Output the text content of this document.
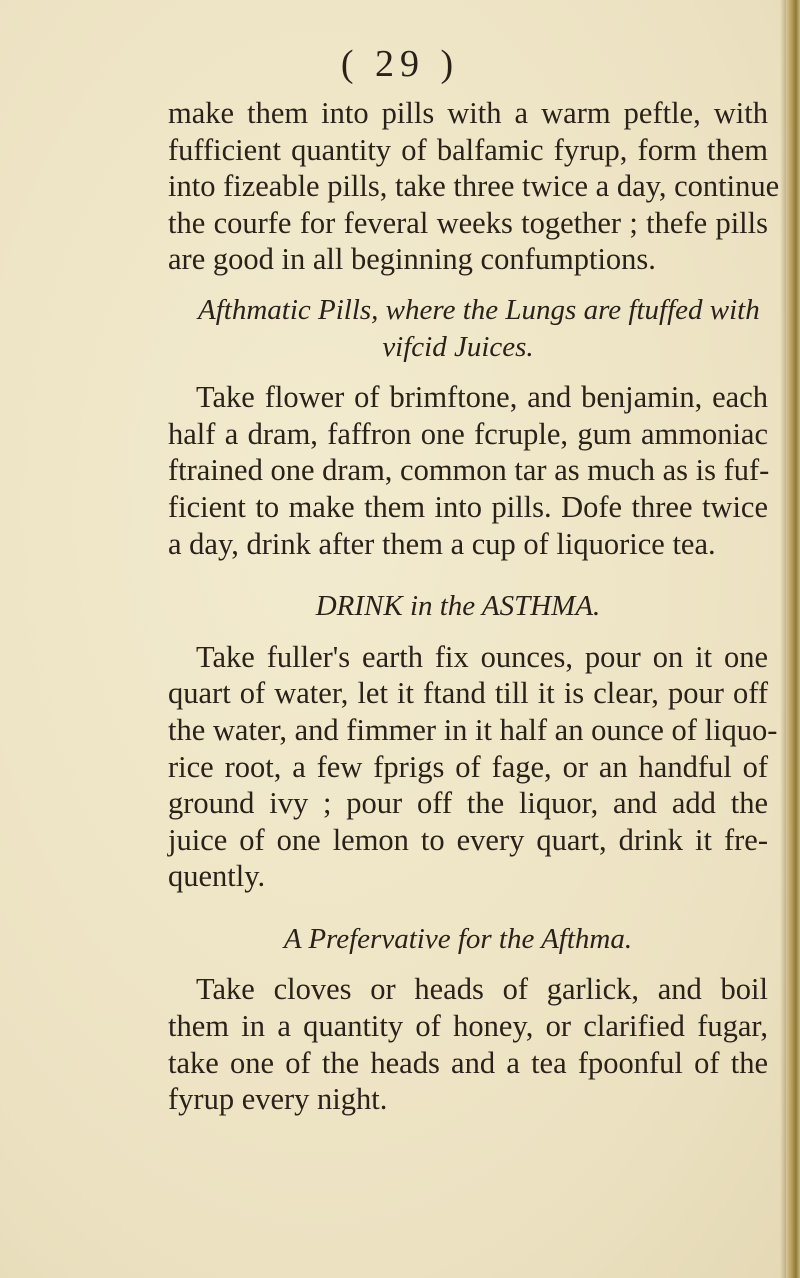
( 29 )
make them into pills with a warm peftle, with
fufficient quantity of balfamic fyrup, form them
into fizeable pills, take three twice a day, continue
the courfe for feveral weeks together ; thefe pills
are good in all beginning confumptions.
Afthmatic Pills, where the Lungs are ftuffed with
vifcid Juices.
Take flower of brimftone, and benjamin, each
half a dram, faffron one fcruple, gum ammoniac
ftrained one dram, common tar as much as is fuf-
ficient to make them into pills. Dofe three twice
a day, drink after them a cup of liquorice tea.
DRINK in the ASTHMA.
Take fuller's earth fix ounces, pour on it one
quart of water, let it ftand till it is clear, pour off
the water, and fimmer in it half an ounce of liquo-
rice root, a few fprigs of fage, or an handful of
ground ivy ; pour off the liquor, and add the
juice of one lemon to every quart, drink it fre-
quently.
A Prefervative for the Afthma.
Take cloves or heads of garlick, and boil
them in a quantity of honey, or clarified fugar,
take one of the heads and a tea fpoonful of the
fyrup every night.
